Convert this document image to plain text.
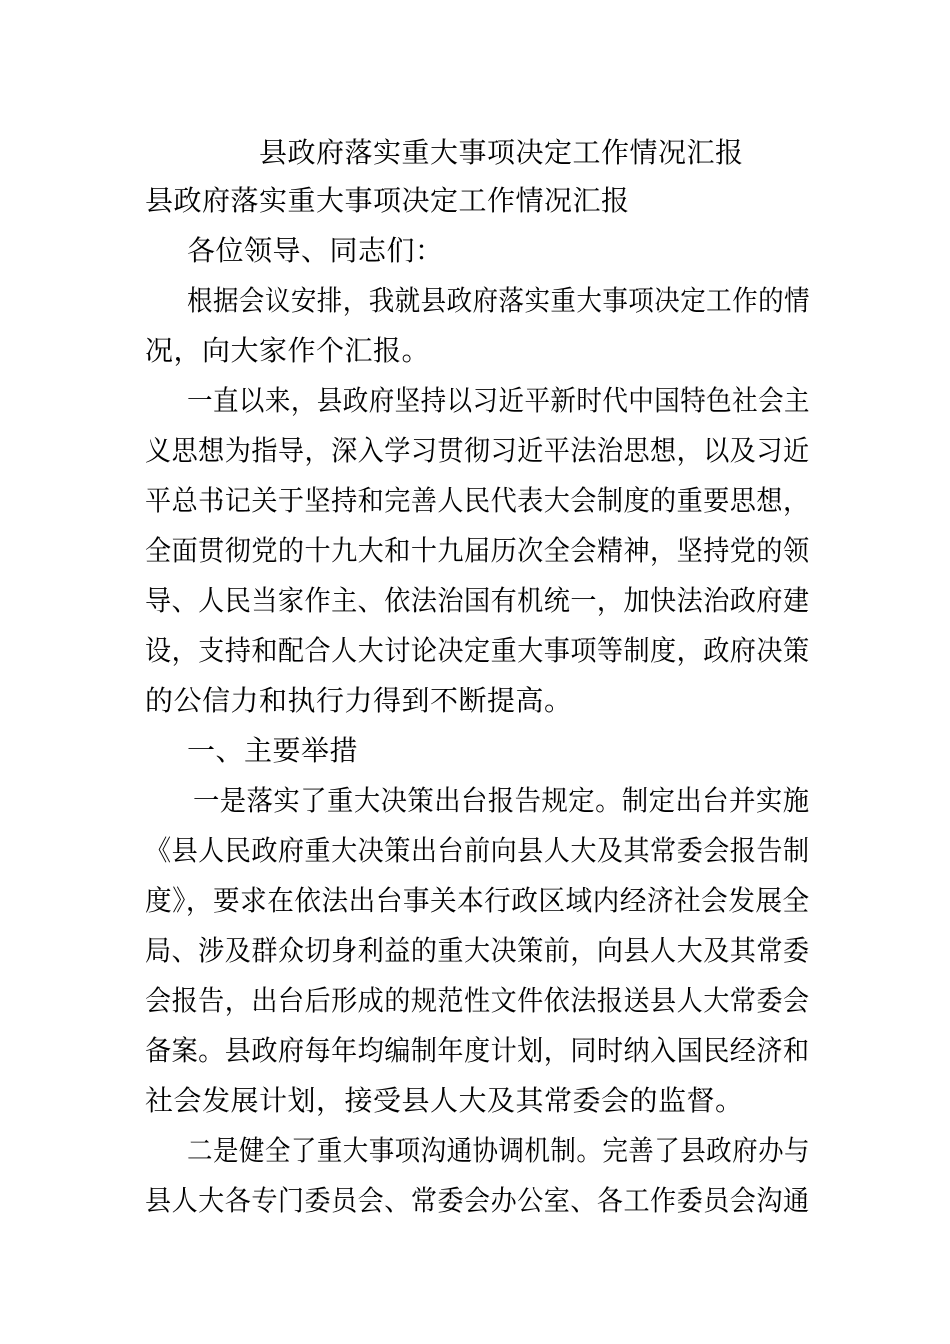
县政府落实重大事项决定工作情况汇报
县政府落实重大事项决定工作情况汇报
各位领导、同志们：
根据会议安排，我就县政府落实重大事项决定工作的情
况，向大家作个汇报。
一直以来，县政府坚持以习近平新时代中国特色社会主
义思想为指导，深入学习贯彻习近平法治思想，以及习近
平总书记关于坚持和完善人民代表大会制度的重要思想，
全面贯彻党的十九大和十九届历次全会精神，坚持党的领
导、人民当家作主、依法治国有机统一，加快法治政府建
设，支持和配合人大讨论决定重大事项等制度，政府决策
的公信力和执行力得到不断提高。
一、主要举措
一是落实了重大决策出台报告规定。制定出台并实施
《县人民政府重大决策出台前向县人大及其常委会报告制
度》，要求在依法出台事关本行政区域内经济社会发展全
局、涉及群众切身利益的重大决策前，向县人大及其常委
会报告，出台后形成的规范性文件依法报送县人大常委会
备案。县政府每年均编制年度计划，同时纳入国民经济和
社会发展计划，接受县人大及其常委会的监督。
二是健全了重大事项沟通协调机制。完善了县政府办与
县人大各专门委员会、常委会办公室、各工作委员会沟通
